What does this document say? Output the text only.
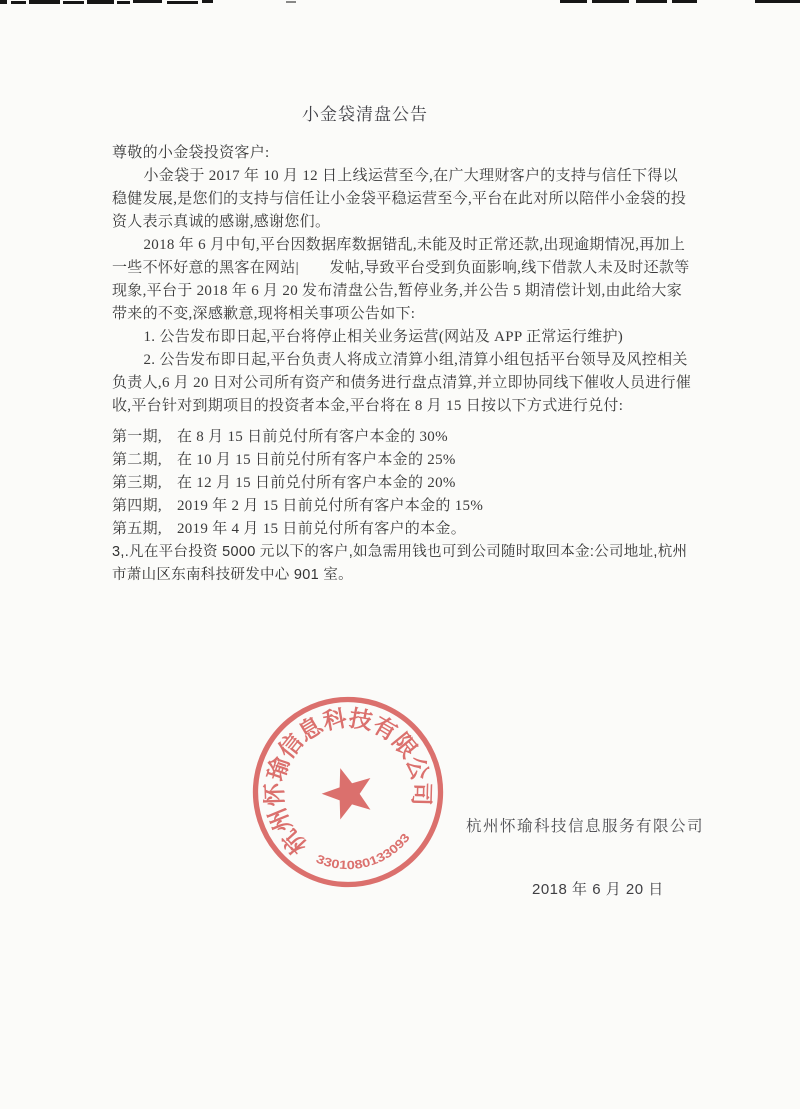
小金袋清盘公告

尊敬的小金袋投资客户:

小金袋于 2017 年 10 月 12 日上线运营至今,在广大理财客户的支持与信任下得以稳健发展,是您们的支持与信任让小金袋平稳运营至今,平台在此对所以陪伴小金袋的投资人表示真诚的感谢,感谢您们。

2018 年 6 月中旬,平台因数据库数据错乱,未能及时正常还款,出现逾期情况,再加上一些不怀好意的黑客在网站|　　发帖,导致平台受到负面影响,线下借款人未及时还款等现象,平台于 2018 年 6 月 20 发布清盘公告,暂停业务,并公告 5 期清偿计划,由此给大家带来的不变,深感歉意,现将相关事项公告如下:

1. 公告发布即日起,平台将停止相关业务运营(网站及 APP 正常运行维护)

2. 公告发布即日起,平台负责人将成立清算小组,清算小组包括平台领导及风控相关负责人,6 月 20 日对公司所有资产和债务进行盘点清算,并立即协同线下催收人员进行催收,平台针对到期项目的投资者本金,平台将在 8 月 15 日按以下方式进行兑付:

第一期, 在 8 月 15 日前兑付所有客户本金的 30%

第二期, 在 10 月 15 日前兑付所有客户本金的 25%

第三期, 在 12 月 15 日前兑付所有客户本金的 20%

第四期, 2019 年 2 月 15 日前兑付所有客户本金的 15%

第五期, 2019 年 4 月 15 日前兑付所有客户的本金。

3,.凡在平台投资 5000 元以下的客户,如急需用钱也可到公司随时取回本金:公司地址,杭州市萧山区东南科技研发中心 901 室。

杭州怀瑜信息科技有限公司
3301080133093
杭州怀瑜科技信息服务有限公司
2018 年 6 月 20 日
